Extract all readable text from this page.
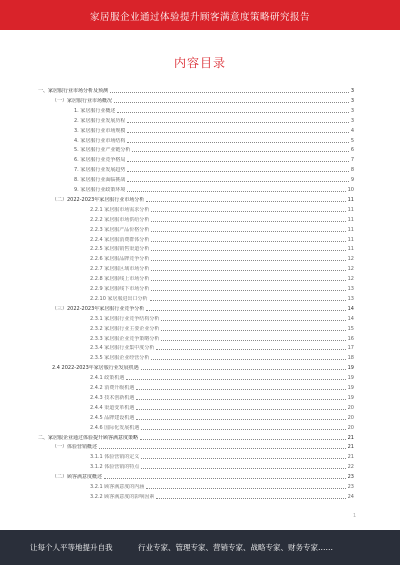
家居服企业通过体验提升顾客满意度策略研究报告
内容目录
一、家居服行业市场分析及预测	3
（一）家居服行业市场概况	3
1. 家居服行业概述	3
2. 家居服行业发展历程	3
3. 家居服行业市场规模	4
4. 家居服行业市场结构	5
5. 家居服行业产业链分析	6
6. 家居服行业竞争格局	7
7. 家居服行业发展趋势	8
8. 家居服行业面临挑战	9
9. 家居服行业政策环境	10
（二）2022-2023年家居服行业市场分析	11
2.2.1 家居服市场需求分析	11
2.2.2 家居服市场供给分析	11
2.2.3 家居服产品价格分析	11
2.2.4 家居服消费群体分析	11
2.2.5 家居服销售渠道分析	11
2.2.6 家居服品牌竞争分析	12
2.2.7 家居服区域市场分析	12
2.2.8 家居服线上市场分析	12
2.2.9 家居服线下市场分析	13
2.2.10 家居服进出口分析	13
（三）2022-2023年家居服行业竞争分析	14
2.3.1 家居服行业竞争结构分析	14
2.3.2 家居服行业主要企业分析	15
2.3.3 家居服企业竞争策略分析	16
2.3.4 家居服行业集中度分析	17
2.3.5 家居服企业经营分析	18
2.4 2022-2023年家居服行业发展机遇	19
2.4.1 政策机遇	19
2.4.2 消费升级机遇	19
2.4.3 技术创新机遇	19
2.4.4 渠道变革机遇	20
2.4.5 品牌建设机遇	20
2.4.6 国际化发展机遇	20
二、家居服企业通过体验提升顾客满意度策略	21
（一）体验营销概述	21
3.1.1 体验营销的定义	21
3.1.2 体验营销的特点	22
（二）顾客满意度概述	23
3.2.1 顾客满意度的内涵	23
3.2.2 顾客满意度的影响因素	24
1
让每个人平等地提升自我	行业专家、管理专家、营销专家、战略专家、财务专家……
